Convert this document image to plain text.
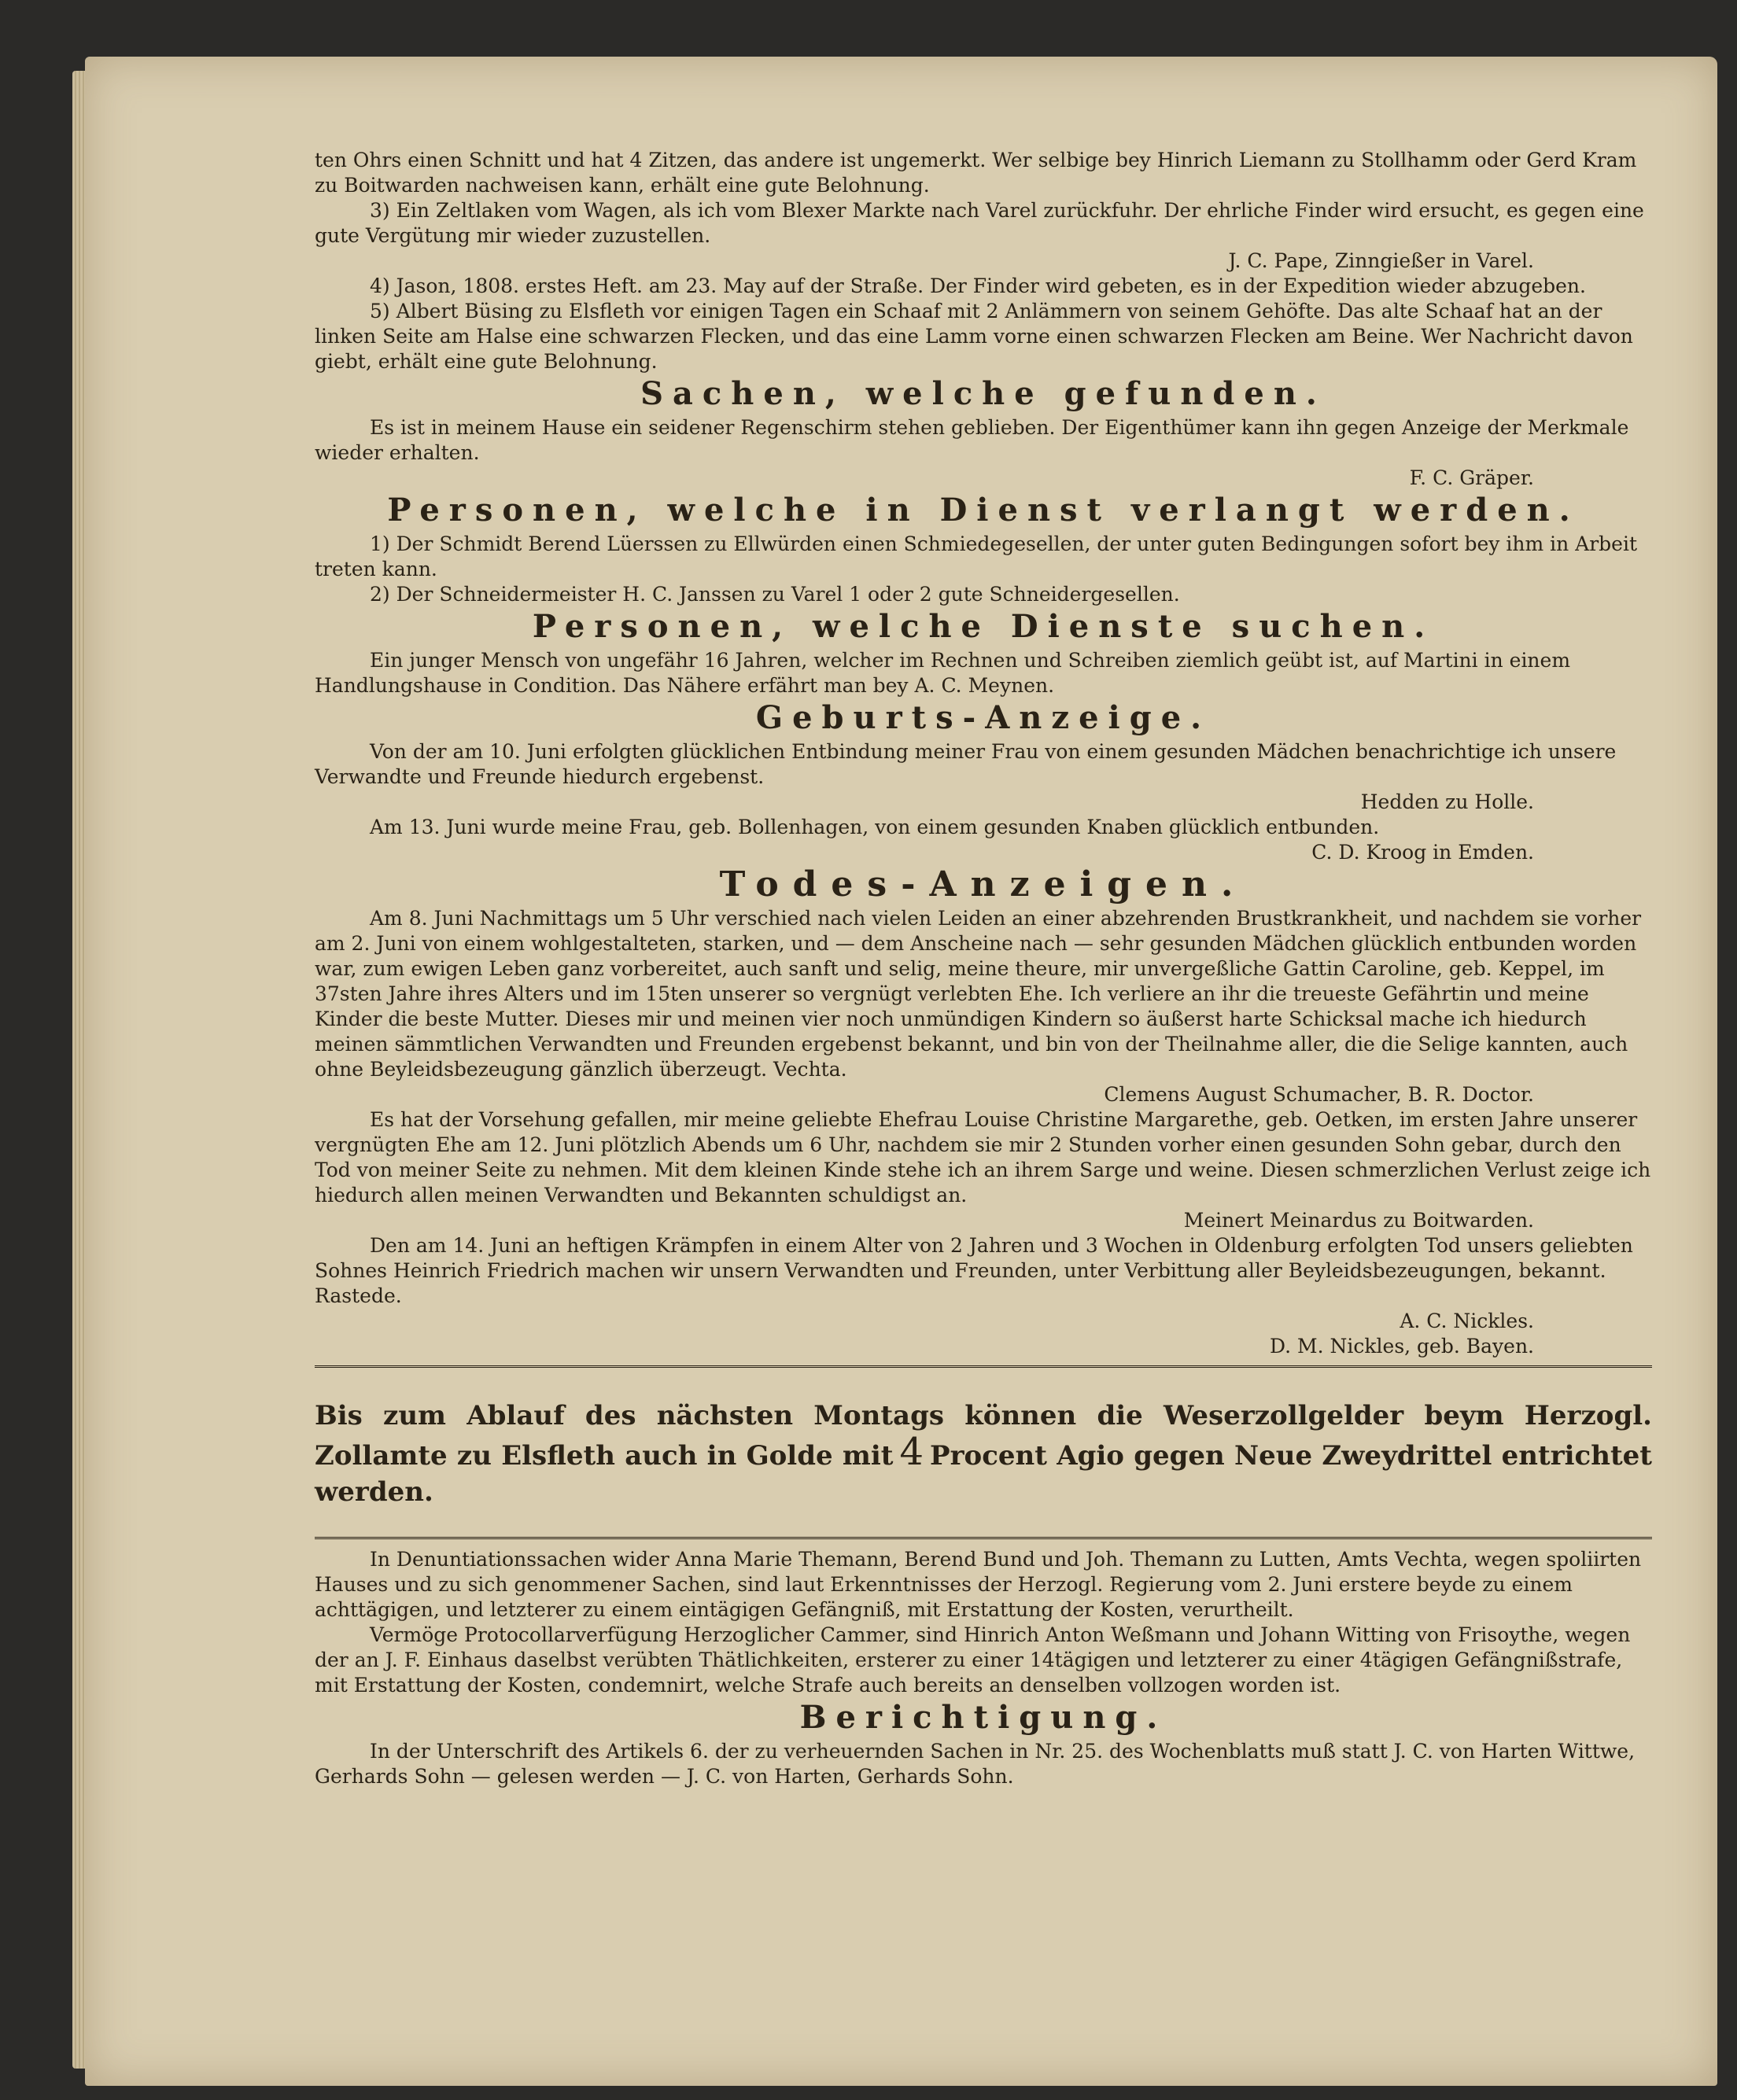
ten Ohrs einen Schnitt und hat 4 Zitzen, das andere ist ungemerkt. Wer selbige bey Hinrich Liemann zu Stollhamm oder Gerd Kram zu Boitwarden nachweisen kann, erhält eine gute Belohnung.

3) Ein Zeltlaken vom Wagen, als ich vom Blexer Markte nach Varel zurückfuhr. Der ehrliche Finder wird ersucht, es gegen eine gute Vergütung mir wieder zuzustellen.

J. C. Pape, Zinngießer in Varel.

4) Jason, 1808. erstes Heft. am 23. May auf der Straße. Der Finder wird gebeten, es in der Expedition wieder abzugeben.

5) Albert Büsing zu Elsfleth vor einigen Tagen ein Schaaf mit 2 Anlämmern von seinem Gehöfte. Das alte Schaaf hat an der linken Seite am Halse eine schwarzen Flecken, und das eine Lamm vorne einen schwarzen Flecken am Beine. Wer Nachricht davon giebt, erhält eine gute Belohnung.

Sachen, welche gefunden.

Es ist in meinem Hause ein seidener Regenschirm stehen geblieben. Der Eigenthümer kann ihn gegen Anzeige der Merkmale wieder erhalten.

F. C. Gräper.

Personen, welche in Dienst verlangt werden.

1) Der Schmidt Berend Lüerssen zu Ellwürden einen Schmiedegesellen, der unter guten Bedingungen sofort bey ihm in Arbeit treten kann.

2) Der Schneidermeister H. C. Janssen zu Varel 1 oder 2 gute Schneidergesellen.

Personen, welche Dienste suchen.

Ein junger Mensch von ungefähr 16 Jahren, welcher im Rechnen und Schreiben ziemlich geübt ist, auf Martini in einem Handlungshause in Condition. Das Nähere erfährt man bey A. C. Meynen.

Geburts-Anzeige.

Von der am 10. Juni erfolgten glücklichen Entbindung meiner Frau von einem gesunden Mädchen benachrichtige ich unsere Verwandte und Freunde hiedurch ergebenst.

Hedden zu Holle.

Am 13. Juni wurde meine Frau, geb. Bollenhagen, von einem gesunden Knaben glücklich entbunden.

C. D. Kroog in Emden.

Todes-Anzeigen.

Am 8. Juni Nachmittags um 5 Uhr verschied nach vielen Leiden an einer abzehrenden Brustkrankheit, und nachdem sie vorher am 2. Juni von einem wohlgestalteten, starken, und — dem Anscheine nach — sehr gesunden Mädchen glücklich entbunden worden war, zum ewigen Leben ganz vorbereitet, auch sanft und selig, meine theure, mir unvergeßliche Gattin Caroline, geb. Keppel, im 37sten Jahre ihres Alters und im 15ten unserer so vergnügt verlebten Ehe. Ich verliere an ihr die treueste Gefährtin und meine Kinder die beste Mutter. Dieses mir und meinen vier noch unmündigen Kindern so äußerst harte Schicksal mache ich hiedurch meinen sämmtlichen Verwandten und Freunden ergebenst bekannt, und bin von der Theilnahme aller, die die Selige kannten, auch ohne Beyleidsbezeugung gänzlich überzeugt. Vechta.

Clemens August Schumacher, B. R. Doctor.

Es hat der Vorsehung gefallen, mir meine geliebte Ehefrau Louise Christine Margarethe, geb. Oetken, im ersten Jahre unserer vergnügten Ehe am 12. Juni plötzlich Abends um 6 Uhr, nachdem sie mir 2 Stunden vorher einen gesunden Sohn gebar, durch den Tod von meiner Seite zu nehmen. Mit dem kleinen Kinde stehe ich an ihrem Sarge und weine. Diesen schmerzlichen Verlust zeige ich hiedurch allen meinen Verwandten und Bekannten schuldigst an.

Meinert Meinardus zu Boitwarden.

Den am 14. Juni an heftigen Krämpfen in einem Alter von 2 Jahren und 3 Wochen in Oldenburg erfolgten Tod unsers geliebten Sohnes Heinrich Friedrich machen wir unsern Verwandten und Freunden, unter Verbittung aller Beyleidsbezeugungen, bekannt. Rastede.

A. C. Nickles.

D. M. Nickles, geb. Bayen.

Bis zum Ablauf des nächsten Montags können die Weserzollgelder beym Herzogl. Zollamte zu Elsfleth auch in Golde mit 4 Procent Agio gegen Neue Zweydrittel entrichtet werden.

In Denuntiationssachen wider Anna Marie Themann, Berend Bund und Joh. Themann zu Lutten, Amts Vechta, wegen spoliirten Hauses und zu sich genommener Sachen, sind laut Erkenntnisses der Herzogl. Regierung vom 2. Juni erstere beyde zu einem achttägigen, und letzterer zu einem eintägigen Gefängniß, mit Erstattung der Kosten, verurtheilt.

Vermöge Protocollarverfügung Herzoglicher Cammer, sind Hinrich Anton Weßmann und Johann Witting von Frisoythe, wegen der an J. F. Einhaus daselbst verübten Thätlichkeiten, ersterer zu einer 14tägigen und letzterer zu einer 4tägigen Gefängnißstrafe, mit Erstattung der Kosten, condemnirt, welche Strafe auch bereits an denselben vollzogen worden ist.

Berichtigung.

In der Unterschrift des Artikels 6. der zu verheuernden Sachen in Nr. 25. des Wochenblatts muß statt J. C. von Harten Wittwe, Gerhards Sohn — gelesen werden — J. C. von Harten, Gerhards Sohn.
